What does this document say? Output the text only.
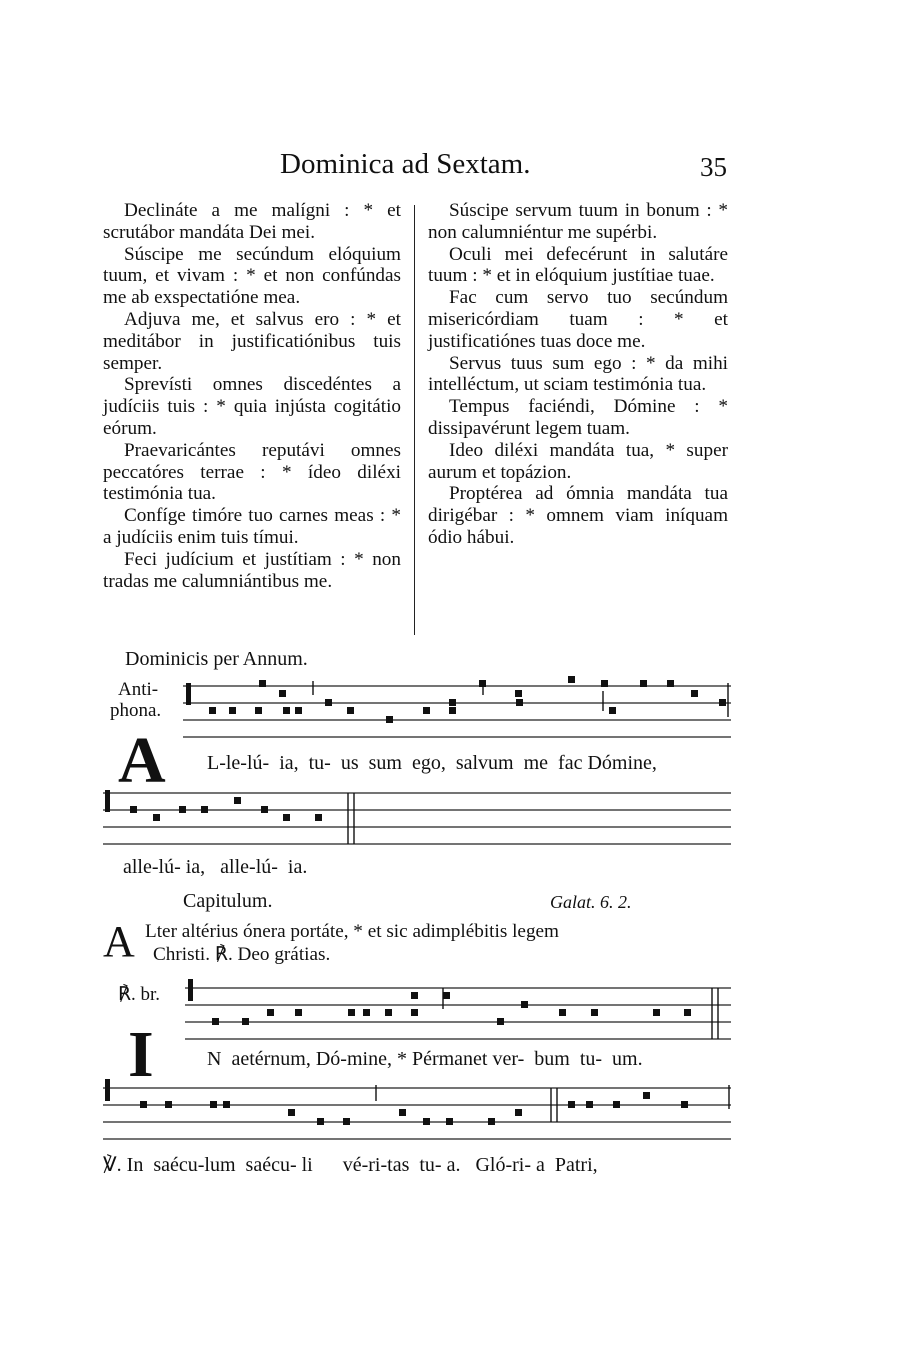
Dominica ad Sextam.	35

Declináte a me malígni : * et scrutábor mandáta Dei mei.

Súscipe me secúndum elóquium tuum, et vivam : * et non confúndas me ab exspectatióne mea.

Adjuva me, et salvus ero : * et meditábor in justificatiónibus tuis semper.

Sprevísti omnes discedéntes a judíciis tuis : * quia injústa cogitátio eórum.

Praevaricántes reputávi omnes peccatóres terrae : * ídeo diléxi testimónia tua.

Confíge timóre tuo carnes meas : * a judíciis enim tuis tímui.

Feci judícium et justítiam : * non tradas me calumniántibus me.

Súscipe servum tuum in bonum : * non calumniéntur me supérbi.

Oculi mei defecérunt in salutáre tuum : * et in elóquium justítiae tuae.

Fac cum servo tuo secúndum misericórdiam tuam : * et justificatiónes tuas doce me.

Servus tuus sum ego : * da mihi intelléctum, ut sciam testimónia tua.

Tempus faciéndi, Dómine : * dissipavérunt legem tuam.

Ideo diléxi mandáta tua, * super aurum et topázion.

Proptérea ad ómnia mandáta tua dirigébar : * omnem viam iníquam ódio hábui.

Dominicis per Annum.
Anti-
phona.
A L-le-lú-  ia,  tu-  us  sum  ego,  salvum  me  fac Dómine,
alle-lú- ia,   alle-lú-  ia.
Capitulum.	Galat. 6. 2.
A Lter altérius ónera portáte, * et sic adimplébitis legem
Christi. ℟. Deo grátias.
℟. br.
I	N  aetérnum, Dó-mine, * Pérmanet ver-  bum  tu-  um.
℣. In  saécu-lum  saécu- li      vé-ri-tas  tu- a.   Gló-ri- a  Patri,
